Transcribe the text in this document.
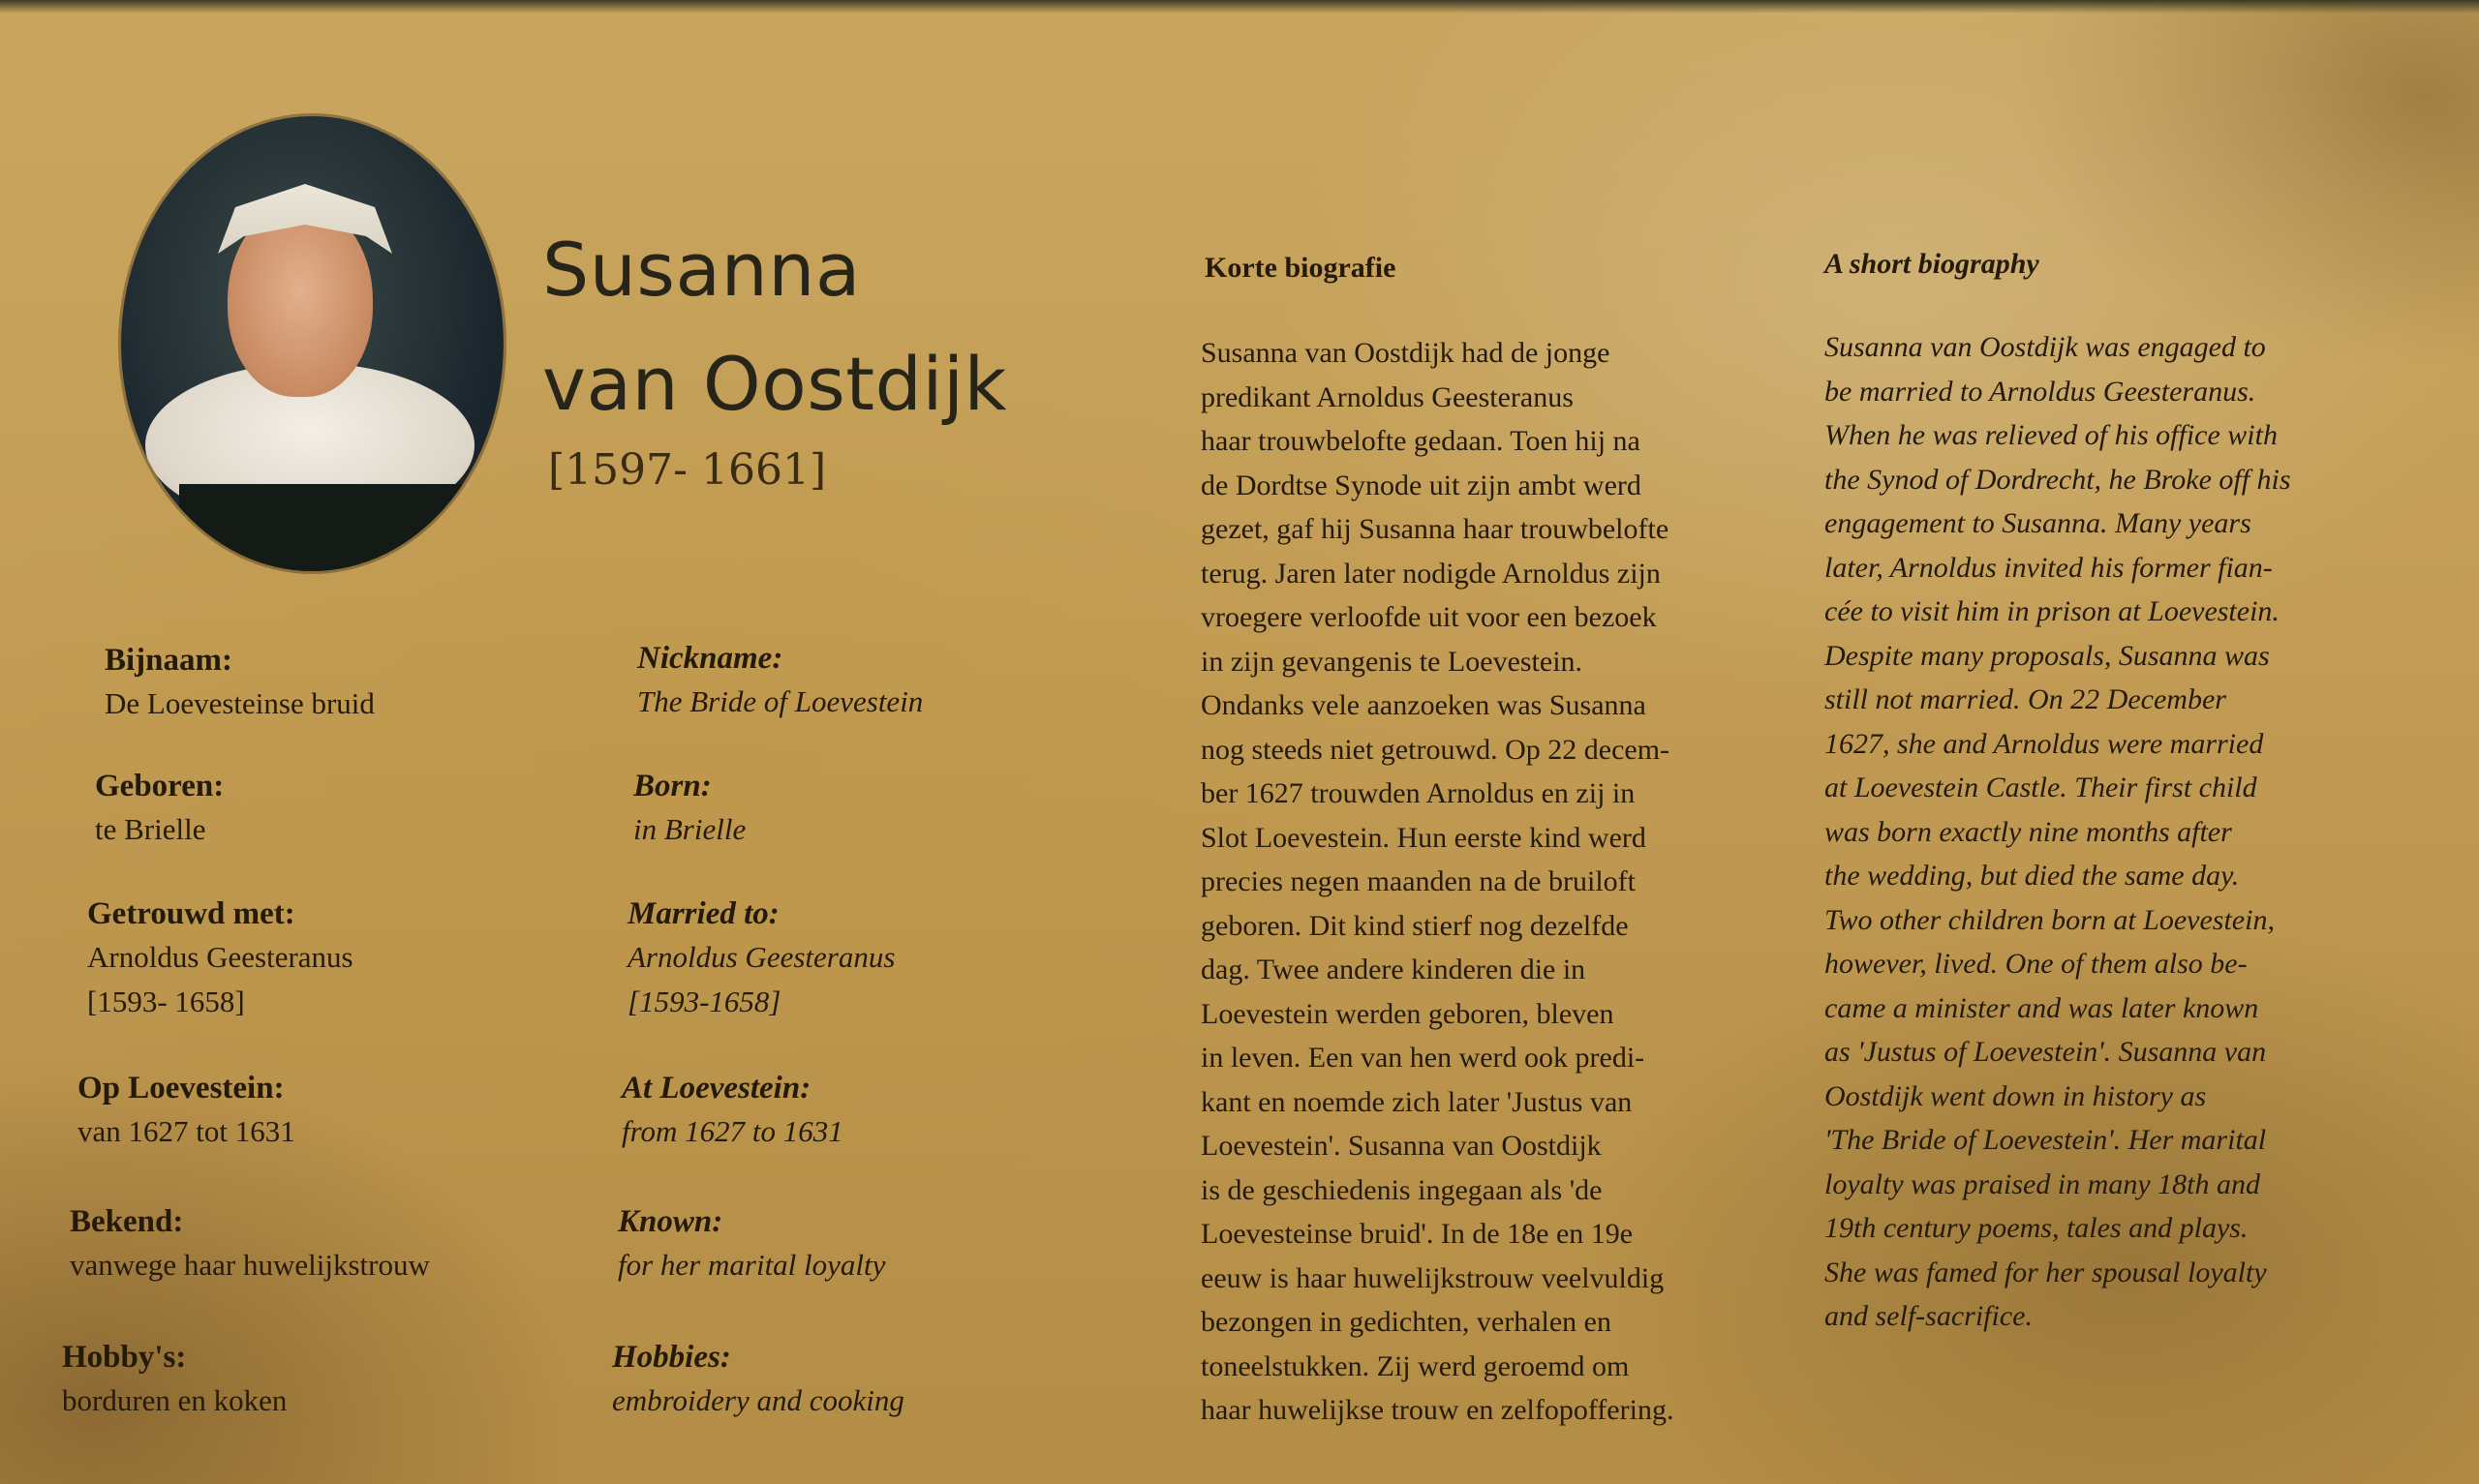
Susanna
van Oostdijk
[1597- 1661]
Bijnaam:
De Loevesteinse bruid
Geboren:
te Brielle
Getrouwd met:
Arnoldus Geesteranus
[1593- 1658]
Op Loevestein:
van 1627 tot 1631
Bekend:
vanwege haar huwelijkstrouw
Hobby's:
borduren en koken
Nickname:
The Bride of Loevestein
Born:
in Brielle
Married to:
Arnoldus Geesteranus
[1593-1658]
At Loevestein:
from 1627 to 1631
Known:
for her marital loyalty
Hobbies:
embroidery and cooking
Korte biografie
Susanna van Oostdijk had de jonge
predikant Arnoldus Geesteranus
haar trouwbelofte gedaan. Toen hij na
de Dordtse Synode uit zijn ambt werd
gezet, gaf hij Susanna haar trouwbelofte
terug. Jaren later nodigde Arnoldus zijn
vroegere verloofde uit voor een bezoek
in zijn gevangenis te Loevestein.
Ondanks vele aanzoeken was Susanna
nog steeds niet getrouwd. Op 22 decem-
ber 1627 trouwden Arnoldus en zij in
Slot Loevestein. Hun eerste kind werd
precies negen maanden na de bruiloft
geboren. Dit kind stierf nog dezelfde
dag. Twee andere kinderen die in
Loevestein werden geboren, bleven
in leven. Een van hen werd ook predi-
kant en noemde zich later 'Justus van
Loevestein'. Susanna van Oostdijk
is de geschiedenis ingegaan als 'de
Loevesteinse bruid'. In de 18e en 19e
eeuw is haar huwelijkstrouw veelvuldig
bezongen in gedichten, verhalen en
toneelstukken. Zij werd geroemd om
haar huwelijkse trouw en zelfopoffering.
A short biography
Susanna van Oostdijk was engaged to
be married to Arnoldus Geesteranus.
When he was relieved of his office with
the Synod of Dordrecht, he Broke off his
engagement to Susanna. Many years
later, Arnoldus invited his former fian-
cée to visit him in prison at Loevestein.
Despite many proposals, Susanna was
still not married. On 22 December
1627, she and Arnoldus were married
at Loevestein Castle. Their first child
was born exactly nine months after
the wedding, but died the same day.
Two other children born at Loevestein,
however, lived. One of them also be-
came a minister and was later known
as 'Justus of Loevestein'. Susanna van
Oostdijk went down in history as
'The Bride of Loevestein'. Her marital
loyalty was praised in many 18th and
19th century poems, tales and plays.
She was famed for her spousal loyalty
and self-sacrifice.
